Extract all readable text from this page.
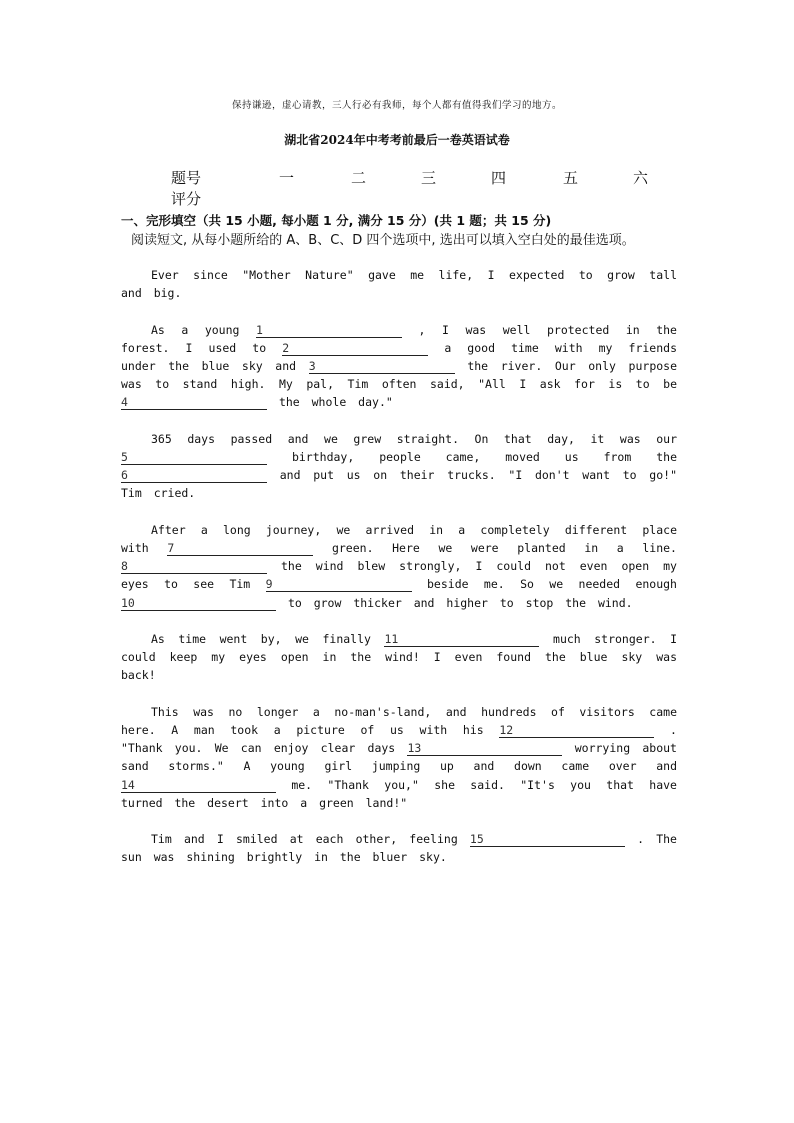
保持谦逊，虚心请教，三人行必有我师，每个人都有值得我们学习的地方。
湖北省2024年中考考前最后一卷英语试卷
题号	一	二	三	四	五	六
评分
一、完形填空（共 15 小题, 每小题 1 分, 满分 15 分）(共 1 题；共 15 分)
阅读短文, 从每小题所给的 A、B、C、D 四个选项中, 选出可以填入空白处的最佳选项。

Ever since "Mother Nature" gave me life, I expected to grow tall and big.

As a young 1	, I was well protected in the forest. I used to 2	a good time with my friends under the blue sky and 3	the river. Our only purpose was to stand high. My pal, Tim often said, "All I ask for is to be 4	the whole day."

365 days passed and we grew straight. On that day, it was our 5	birthday, people came, moved us from the 6	and put us on their trucks. "I don't want to go!" Tim cried.

After a long journey, we arrived in a completely different place with 7	green. Here we were planted in a line. 8	the wind blew strongly, I could not even open my eyes to see Tim 9	beside me. So we needed enough 10	to grow thicker and higher to stop the wind.

As time went by, we finally 11	much stronger. I could keep my eyes open in the wind! I even found the blue sky was back!

This was no longer a no-man's-land, and hundreds of visitors came here. A man took a picture of us with his 12	. "Thank you. We can enjoy clear days 13	worrying about sand storms." A young girl jumping up and down came over and 14	me. "Thank you," she said. "It's you that have turned the desert into a green land!"

Tim and I smiled at each other, feeling 15	. The sun was shining brightly in the bluer sky.
